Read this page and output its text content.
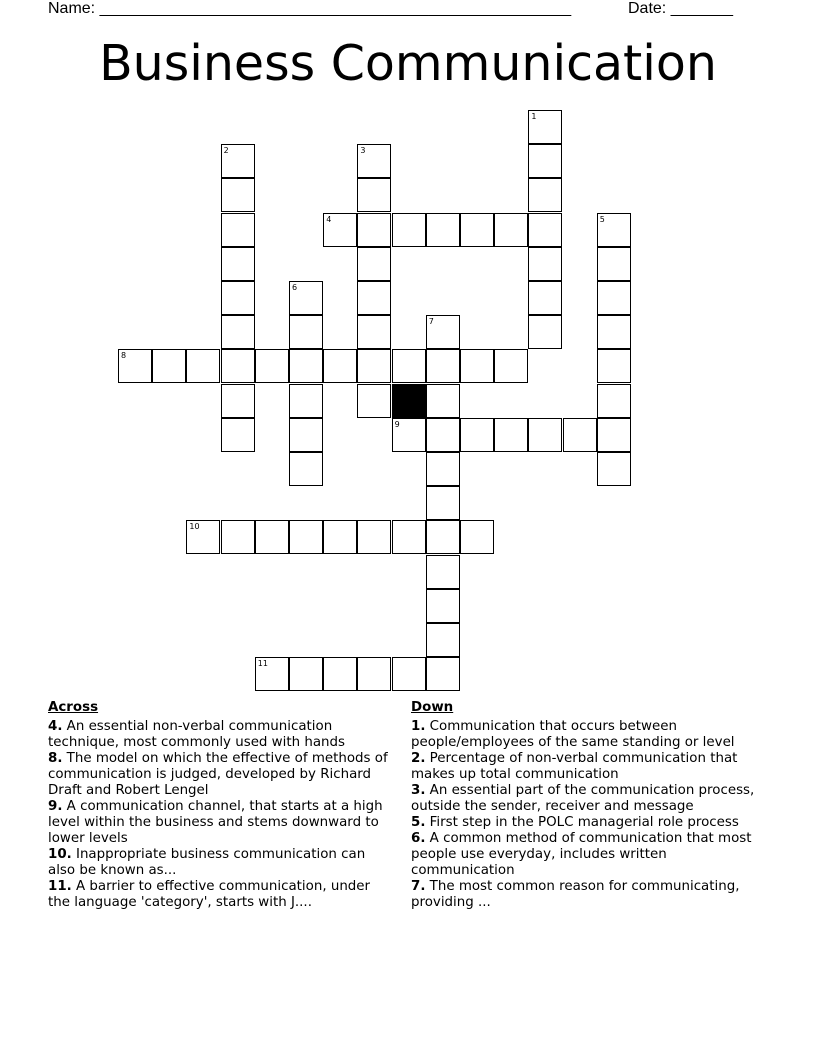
Name: _____________________________________________________	Date: _______
Business Communication
1
2	3
4	5
6
7
8
9
10
11
Across
4. An essential non-verbal communication technique, most commonly used with hands
8. The model on which the effective of methods of communication is judged, developed by Richard Draft and Robert Lengel
9. A communication channel, that starts at a high level within the business and stems downward to lower levels
10. Inappropriate business communication can also be known as...
11. A barrier to effective communication, under the language 'category', starts with J....
Down
1. Communication that occurs between people/employees of the same standing or level
2. Percentage of non-verbal communication that makes up total communication
3. An essential part of the communication process, outside the sender, receiver and message
5. First step in the POLC managerial role process
6. A common method of communication that most people use everyday, includes written communication
7. The most common reason for communicating, providing ...
